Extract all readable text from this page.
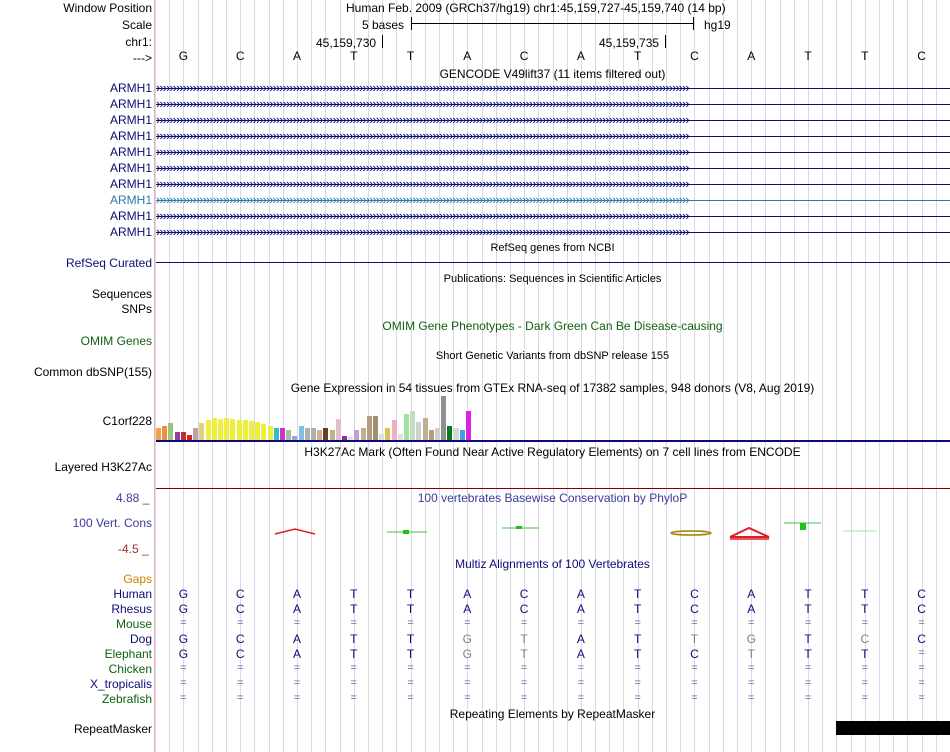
Window Position
Scale
chr1:
--->
Human Feb. 2009 (GRCh37/hg19) chr1:45,159,727-45,159,740 (14 bp)
5 bases	hg19
45,159,730	45,159,735
G	C	A	T	T	A	C	A	T	C	A	T	T	C
GENCODE V49lift37 (11 items filtered out)
ARMH1 ››››››››››››››››››››››››››››››››››››››››››››››››››››››››››››››››››››››››››››››››››››››››››››››››››››››››››››››››››››››››››››››››››››››››››››››››››››››››››››››››
ARMH1 ››››››››››››››››››››››››››››››››››››››››››››››››››››››››››››››››››››››››››››››››››››››››››››››››››››››››››››››››››››››››››››››››››››››››››››››››››››››››››››››››
ARMH1 ››››››››››››››››››››››››››››››››››››››››››››››››››››››››››››››››››››››››››››››››››››››››››››››››››››››››››››››››››››››››››››››››››››››››››››››››››››››››››››››››
ARMH1 ››››››››››››››››››››››››››››››››››››››››››››››››››››››››››››››››››››››››››››››››››››››››››››››››››››››››››››››››››››››››››››››››››››››››››››››››››››››››››››››››
ARMH1 ››››››››››››››››››››››››››››››››››››››››››››››››››››››››››››››››››››››››››››››››››››››››››››››››››››››››››››››››››››››››››››››››››››››››››››››››››››››››››››››››
ARMH1 ››››››››››››››››››››››››››››››››››››››››››››››››››››››››››››››››››››››››››››››››››››››››››››››››››››››››››››››››››››››››››››››››››››››››››››››››››››››››››››››››
ARMH1 ››››››››››››››››››››››››››››››››››››››››››››››››››››››››››››››››››››››››››››››››››››››››››››››››››››››››››››››››››››››››››››››››››››››››››››››››››››››››››››››››
ARMH1 ››››››››››››››››››››››››››››››››››››››››››››››››››››››››››››››››››››››››››››››››››››››››››››››››››››››››››››››››››››››››››››››››››››››››››››››››››››››››››››››››
ARMH1 ››››››››››››››››››››››››››››››››››››››››››››››››››››››››››››››››››››››››››››››››››››››››››››››››››››››››››››››››››››››››››››››››››››››››››››››››››››››››››››››››
ARMH1 ››››››››››››››››››››››››››››››››››››››››››››››››››››››››››››››››››››››››››››››››››››››››››››››››››››››››››››››››››››››››››››››››››››››››››››››››››››››››››››››››
RefSeq genes from NCBI
RefSeq Curated
Publications: Sequences in Scientific Articles
Sequences
SNPs
OMIM Gene Phenotypes - Dark Green Can Be Disease-causing
OMIM Genes
Short Genetic Variants from dbSNP release 155
Common dbSNP(155)
Gene Expression in 54 tissues from GTEx RNA-seq of 17382 samples, 948 donors (V8, Aug 2019)
C1orf228
H3K27Ac Mark (Often Found Near Active Regulatory Elements) on 7 cell lines from ENCODE
Layered H3K27Ac
100 vertebrates Basewise Conservation by PhyloP
4.88 _
100 Vert. Cons
-4.5 _
Multiz Alignments of 100 Vertebrates
Gaps
Human	G	C	A	T	T	A	C	A	T	C	A	T	T	C
Rhesus	G	C	A	T	T	A	C	A	T	C	A	T	T	C
Mouse	=	=	=	=	=	=	=	=	=	=	=	=	=	=
Dog	G	C	A	T	T	G	T	A	T	T	G	T	C	C
Elephant	G	C	A	T	T	G	T	A	T	C	T	T	T	=
Chicken	=	=	=	=	=	=	=	=	=	=	=	=	=	=
X_tropicalis	=	=	=	=	=	=	=	=	=	=	=	=	=	=
Zebrafish	=	=	=	=	=	=	=	=	=	=	=	=	=	=
Repeating Elements by RepeatMasker
RepeatMasker
